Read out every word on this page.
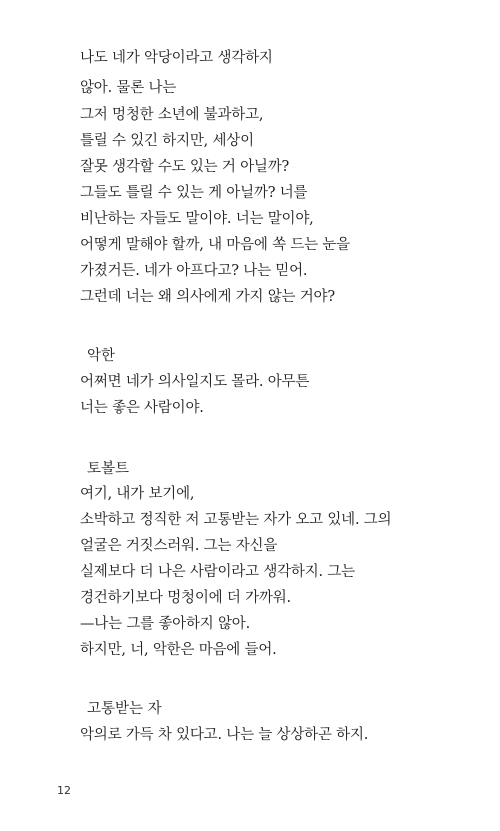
나도 네가 악당이라고 생각하지
않아. 물론 나는
그저 멍청한 소년에 불과하고,
틀릴 수 있긴 하지만, 세상이
잘못 생각할 수도 있는 거 아닐까?
그들도 틀릴 수 있는 게 아닐까? 너를
비난하는 자들도 말이야. 너는 말이야,
어떻게 말해야 할까, 내 마음에 쏙 드는 눈을
가졌거든. 네가 아프다고? 나는 믿어.
그런데 너는 왜 의사에게 가지 않는 거야?
악한
어쩌면 네가 의사일지도 몰라. 아무튼
너는 좋은 사람이야.
토볼트
여기, 내가 보기에,
소박하고 정직한 저 고통받는 자가 오고 있네. 그의
얼굴은 거짓스러워. 그는 자신을
실제보다 더 나은 사람이라고 생각하지. 그는
경건하기보다 멍청이에 더 가까워.
—나는 그를 좋아하지 않아.
하지만, 너, 악한은 마음에 들어.
고통받는 자
악의로 가득 차 있다고. 나는 늘 상상하곤 하지.
12
